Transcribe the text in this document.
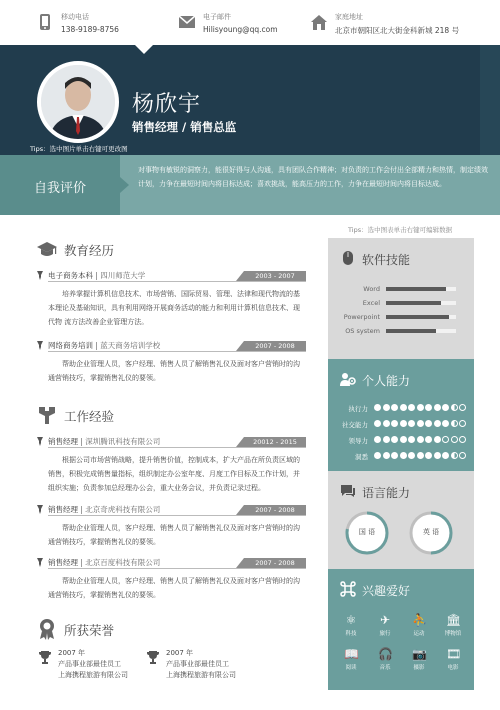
移动电话
138-9189-8756
电子邮件
Hilisyoung@qq.com
家庭地址
北京市朝阳区北大街金科新城 218 号
杨欣宇
销售经理 / 销售总监
Tips：选中图片单击右键可更改图
自我评价
对事物有敏锐的洞察力，能很好得与人沟通，具有团队合作精神；对负责的工作会付出全部精力和热情，制定绩效计划，力争在最短时间内将目标达成；喜欢挑战，能高压力的工作，力争在最短时间内将目标达成。
Tips：选中图表单击右键可编辑数据
教育经历
电子商务本科 | 四川师范大学	2003 - 2007
培养掌握计算机信息技术、市场营销、国际贸易、管理、法律和现代物流的基本理论及基础知识，具有利用网络开展商务活动的能力和利用计算机信息技术、现代物 流方法改善企业管理方法。
网络商务培训 | 蓝天商务培训学校	2007 - 2008
帮助企业管理人员，客户经理、销售人员了解销售礼仪及面对客户营销时的沟通营销技巧，掌握销售礼仪的要领。
工作经验
销售经理 | 深圳腾讯科技有限公司	20012 - 2015
根据公司市场营销战略，提升销售价值，控制成本，扩大产品在所负责区域的销售，积极完成销售量指标，组织制定办公室年度、月度工作目标及工作计划，并组织实施；负责参加总经理办公会，重大业务会议，并负责记录过程。
销售经理 | 北京奇虎科技有限公司	2007 - 2008
帮助企业管理人员，客户经理、销售人员了解销售礼仪及面对客户营销时的沟通营销技巧，掌握销售礼仪的要领。
销售经理 | 北京百度科技有限公司	2007 - 2008
帮助企业管理人员，客户经理、销售人员了解销售礼仪及面对客户营销时的沟通营销技巧，掌握销售礼仪的要领。
所获荣誉
2007 年
产品事业部最佳员工
上海携程旅游有限公司
2007 年
产品事业部最佳员工
上海携程旅游有限公司
软件技能
Word
Excel
Powerpoint
OS system
个人能力
执行力
社交能力
领导力
洞悉
语言能力
国 语	英 语
兴趣爱好
⚛
科技
✈
旅行
⛹
运动
🏛
博物馆
📖
阅读
🎧
音乐
📷
摄影
🎞
电影
